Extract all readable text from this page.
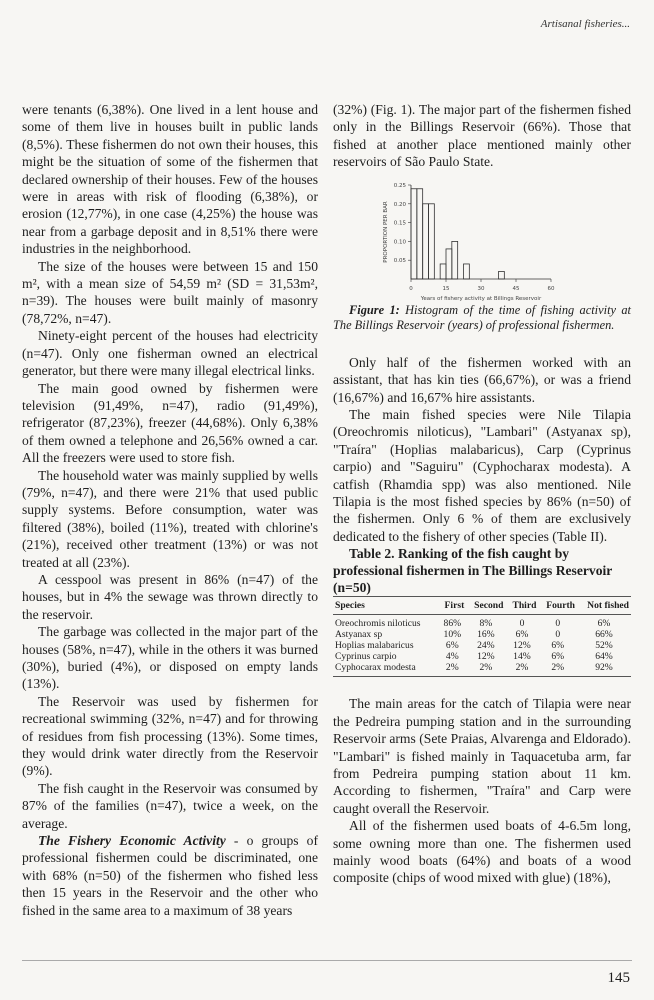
Artisanal fisheries...

were tenants (6,38%). One lived in a lent house and some of them live in houses built in public lands (8,5%). These fishermen do not own their houses, this might be the situation of some of the fishermen that declared ownership of their houses. Few of the houses were in areas with risk of flooding (6,38%), or erosion (12,77%), in one case (4,25%) the house was near from a garbage deposit and in 8,51% there were industries in the neighborhood.

The size of the houses were between 15 and 150 m², with a mean size of 54,59 m² (SD = 31,53m², n=39). The houses were built mainly of masonry (78,72%, n=47).

Ninety-eight percent of the houses had electricity (n=47). Only one fisherman owned an electrical generator, but there were many illegal electrical links.

The main good owned by fishermen were television (91,49%, n=47), radio (91,49%), refrigerator (87,23%), freezer (44,68%). Only 6,38% of them owned a telephone and 26,56% owned a car. All the freezers were used to store fish.

The household water was mainly supplied by wells (79%, n=47), and there were 21% that used public supply systems. Before consumption, water was filtered (38%), boiled (11%), treated with chlorine's (21%), received other treatment (13%) or was not treated at all (23%).

A cesspool was present in 86% (n=47) of the houses, but in 4% the sewage was thrown directly to the reservoir.

The garbage was collected in the major part of the houses (58%, n=47), while in the others it was burned (30%), buried (4%), or disposed on empty lands (13%).

The Reservoir was used by fishermen for recreational swimming (32%, n=47) and for throwing of residues from fish processing (13%). Some times, they would drink water directly from the Reservoir (9%).

The fish caught in the Reservoir was consumed by 87% of the families (n=47), twice a week, on the average.

The Fishery Economic Activity - o groups of professional fishermen could be discriminated, one with 68% (n=50) of the fishermen who fished less then 15 years in the Reservoir and the other who fished in the same area to a maximum of 38 years

(32%) (Fig. 1). The major part of the fishermen fished only in the Billings Reservoir (66%). Those that fished at another place mentioned mainly other reservoirs of São Paulo State.

0	15	30	45	60
0.05
0.10
0.15
0.20
0.25
Years of fishery activity at Billings Reservoir
PROPORTION PER BAR

Figure 1: Histogram of the time of fishing activity at The Billings Reservoir (years) of professional fishermen.

Only half of the fishermen worked with an assistant, that has kin ties (66,67%), or was a friend (16,67%) and 16,67% hire assistants.

The main fished species were Nile Tilapia (Oreochromis niloticus), "Lambari" (Astyanax sp), "Traíra" (Hoplias malabaricus), Carp (Cyprinus carpio) and "Saguiru" (Cyphocharax modesta). A catfish (Rhamdia spp) was also mentioned. Nile Tilapia is the most fished species by 86% (n=50) of the fishermen. Only 6 % of them are exclusively dedicated to the fishery of other species (Table II).

Table 2. Ranking of the fish caught by professional fishermen in The Billings Reservoir (n=50)

Species	First	Second	Third	Fourth	Not fished
Oreochromis niloticus	86%	8%	0	0	6%
Astyanax sp	10%	16%	6%	0	66%
Hoplias malabaricus	6%	24%	12%	6%	52%
Cyprinus carpio	4%	12%	14%	6%	64%
Cyphocarax modesta	2%	2%	2%	2%	92%

The main areas for the catch of Tilapia were near the Pedreira pumping station and in the surrounding Reservoir arms (Sete Praias, Alvarenga and Eldorado). "Lambari" is fished mainly in Taquacetuba arm, far from Pedreira pumping station about 11 km. According to fishermen, "Traíra" and Carp were caught overall the Reservoir.

All of the fishermen used boats of 4-6.5m long, some owning more than one. The fishermen used mainly wood boats (64%) and boats of a wood composite (chips of wood mixed with glue) (18%),

145
